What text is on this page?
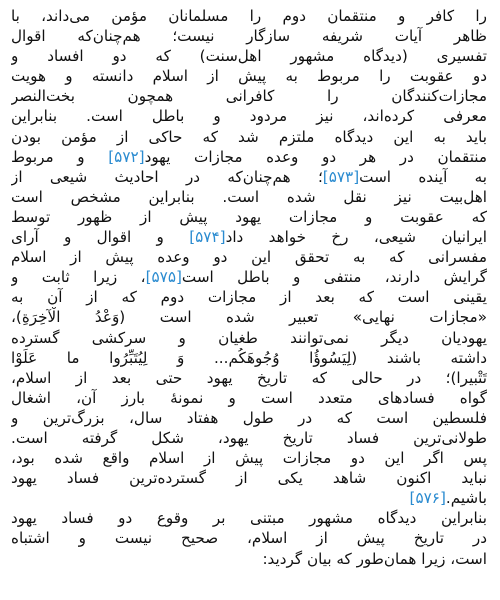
را کافر و منتقمان دوم را مسلمانان مؤمن می‌داند، با
ظاهر آیات شریفه سازگار نیست؛ هم‌چنان‌که اقوال
تفسیری (دیدگاه مشهور اهل‌سنت) که دو افساد و
دو عقوبت را مربوط به پیش از اسلام دانسته و هویت
مجازات‌کنندگان را کافرانی همچون بخت‌النصر
معرفی کرده‌اند، نیز مردود و باطل است. بنابراین
باید به این دیدگاه ملتزم شد که حاکی از مؤمن بودن
منتقمان در هر دو وعده مجازات یهود[۵۷۲] و مربوط
به آینده است[۵۷۳]؛ هم‌چنان‌که در احادیث شیعی از
اهل‌بیت نیز نقل شده است. بنابراین مشخص است
که عقوبت و مجازات یهود پیش از ظهور توسط
ایرانیان شیعی، رخ خواهد داد[۵۷۴] و اقوال و آرای
مفسرانی که به تحقق این دو وعده پیش از اسلام
گرایش دارند، منتفی و باطل است[۵۷۵]، زیرا ثابت و
یقینی است که بعد از مجازات دوم که از آن به
«مجازات نهایی» تعبیر شده است (وَعْدُ الْآخِرَةِ)،
یهودیان دیگر نمی‌توانند طغیان و سرکشی گسترده
داشته باشند (لِیَسُوؤُا وُجُوهَکُم... وَ لِیُتَبِّرُوا ما عَلَوْا
تَتْبیرا)؛ در حالی که تاریخ یهود حتی بعد از اسلام،
گواه فسادهای متعدد است و نمونهٔ بارز آن، اشغال
فلسطین است که در طول هفتاد سال، بزرگ‌ترین و
طولانی‌ترین فساد تاریخ یهود، شکل گرفته است.
پس اگر این دو مجازات پیش از اسلام واقع شده بود،
نباید اکنون شاهد یکی از گسترده‌ترین فساد یهود
باشیم.[۵۷۶]
بنابراین دیدگاه مشهور مبتنی بر وقوع دو فساد یهود
در تاریخ پیش از اسلام، صحیح نیست و اشتباه
است، زیرا همان‌طور که بیان گردید:
